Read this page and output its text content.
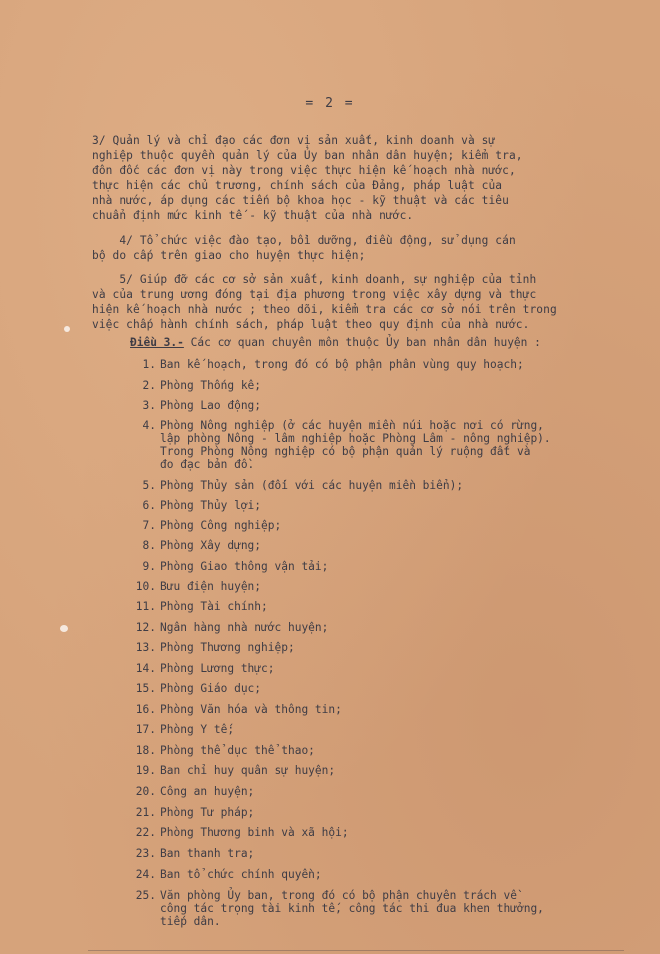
= 2 =
3/ Quản lý và chỉ đạo các đơn vị sản xuất, kinh doanh và sự
nghiệp thuộc quyền quản lý của Ủy ban nhân dân huyện; kiểm tra,
đôn đốc các đơn vị này trong việc thực hiện kế hoạch nhà nước,
thực hiện các chủ trương, chính sách của Đảng, pháp luật của
nhà nước, áp dụng các tiến bộ khoa học - kỹ thuật và các tiêu
chuẩn định mức kinh tế - kỹ thuật của nhà nước.
4/ Tổ chức việc đào tạo, bồi dưỡng, điều động, sử dụng cán
bộ do cấp trên giao cho huyện thực hiện;
5/ Giúp đỡ các cơ sở sản xuất, kinh doanh, sự nghiệp của tỉnh
và của trung ương đóng tại địa phương trong việc xây dựng và thực
hiện kế hoạch nhà nước ; theo dõi, kiểm tra các cơ sở nói trên trong
việc chấp hành chính sách, pháp luật theo quy định của nhà nước.
Điều 3.- Các cơ quan chuyên môn thuộc Ủy ban nhân dân huyện :
1. Ban kế hoạch, trong đó có bộ phận phân vùng quy hoạch;
2. Phòng Thống kê;
3. Phòng Lao động;
4. Phòng Nông nghiệp (ở các huyện miền núi hoặc nơi có rừng,
lập phòng Nông - lâm nghiệp hoặc Phòng Lâm - nông nghiệp).
Trong Phòng Nông nghiệp có bộ phận quản lý ruộng đất và
đo đạc bản đồ.
5. Phòng Thủy sản (đối với các huyện miền biển);
6. Phòng Thủy lợi;
7. Phòng Công nghiệp;
8. Phòng Xây dựng;
9. Phòng Giao thông vận tải;
10. Bưu điện huyện;
11. Phòng Tài chính;
12. Ngân hàng nhà nước huyện;
13. Phòng Thương nghiệp;
14. Phòng Lương thực;
15. Phòng Giáo dục;
16. Phòng Văn hóa và thông tin;
17. Phòng Y tế;
18. Phòng thể dục thể thao;
19. Ban chỉ huy quân sự huyện;
20. Công an huyện;
21. Phòng Tư pháp;
22. Phòng Thương binh và xã hội;
23. Ban thanh tra;
24. Ban tổ chức chính quyền;
25. Văn phòng Ủy ban, trong đó có bộ phận chuyên trách về
công tác trọng tài kinh tế, công tác thi đua khen thưởng,
tiếp dân.
